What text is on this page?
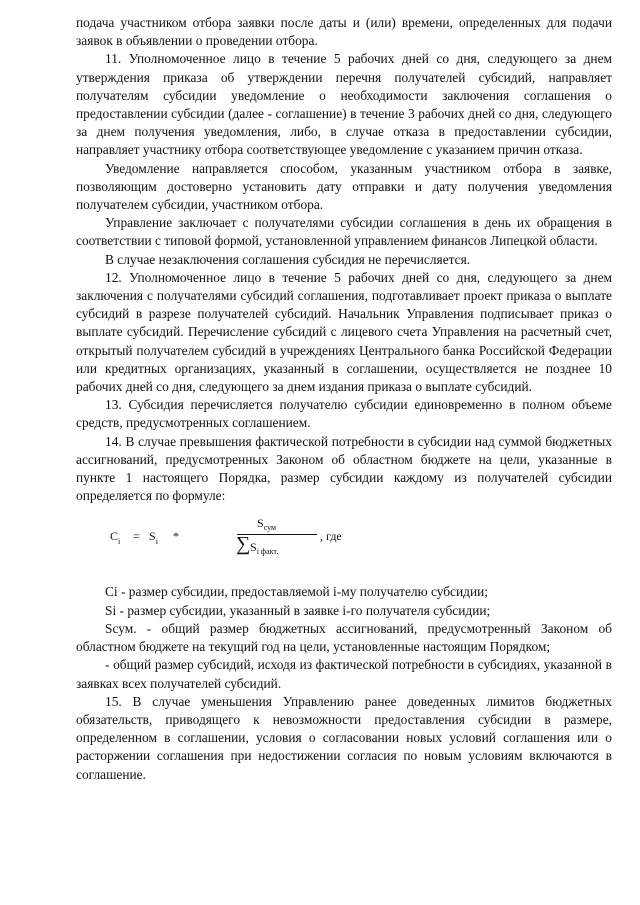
подача участником отбора заявки после даты и (или) времени, определенных для подачи заявок в объявлении о проведении отбора.

11. Уполномоченное лицо в течение 5 рабочих дней со дня, следующего за днем утверждения приказа об утверждении перечня получателей субсидий, направляет получателям субсидии уведомление о необходимости заключения соглашения о предоставлении субсидии (далее - соглашение) в течение 3 рабочих дней со дня, следующего за днем получения уведомления, либо, в случае отказа в предоставлении субсидии, направляет участнику отбора соответствующее уведомление с указанием причин отказа.

Уведомление направляется способом, указанным участником отбора в заявке, позволяющим достоверно установить дату отправки и дату получения уведомления получателем субсидии, участником отбора.

Управление заключает с получателями субсидии соглашения в день их обращения в соответствии с типовой формой, установленной управлением финансов Липецкой области.

В случае незаключения соглашения субсидия не перечисляется.

12. Уполномоченное лицо в течение 5 рабочих дней со дня, следующего за днем заключения с получателями субсидий соглашения, подготавливает проект приказа о выплате субсидий в разрезе получателей субсидий. Начальник Управления подписывает приказ о выплате субсидий. Перечисление субсидий с лицевого счета Управления на расчетный счет, открытый получателем субсидий в учреждениях Центрального банка Российской Федерации или кредитных организациях, указанный в соглашении, осуществляется не позднее 10 рабочих дней со дня, следующего за днем издания приказа о выплате субсидий.

13. Субсидия перечисляется получателю субсидии единовременно в полном объеме средств, предусмотренных соглашением.

14. В случае превышения фактической потребности в субсидии над суммой бюджетных ассигнований, предусмотренных Законом об областном бюджете на цели, указанные в пункте 1 настоящего Порядка, размер субсидии каждому из получателей субсидии определяется по формуле:

$C_i = S_i$ *
$S_{сум}$
∑ $S_{i факт.}$
, где

Ci - размер субсидии, предоставляемой i-му получателю субсидии;

Si - размер субсидии, указанный в заявке i-го получателя субсидии;

Sсум. - общий размер бюджетных ассигнований, предусмотренный Законом об областном бюджете на текущий год на цели, установленные настоящим Порядком;

- общий размер субсидий, исходя из фактической потребности в субсидиях, указанной в заявках всех получателей субсидий.

15. В случае уменьшения Управлению ранее доведенных лимитов бюджетных обязательств, приводящего к невозможности предоставления субсидии в размере, определенном в соглашении, условия о согласовании новых условий соглашения или о расторжении соглашения при недостижении согласия по новым условиям включаются в соглашение.
